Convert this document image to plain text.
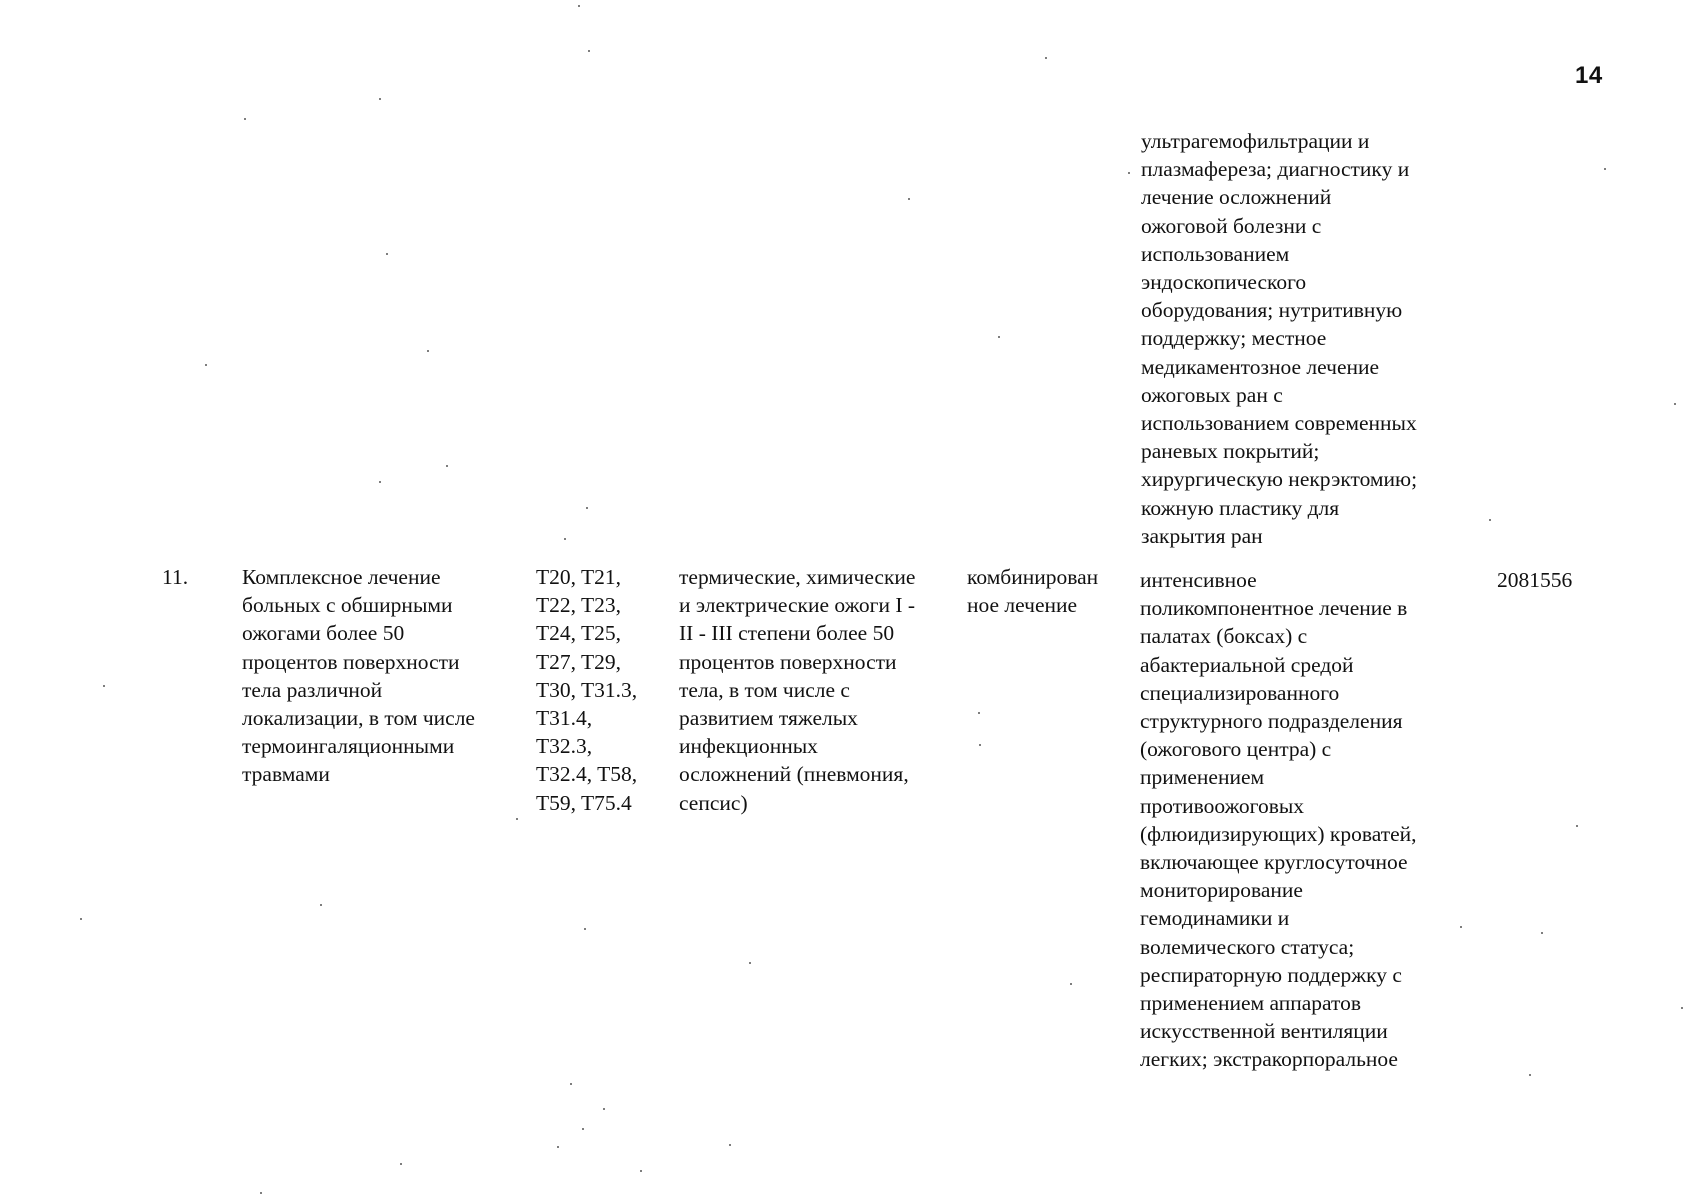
14
ультрагемофильтрации и
плазмафереза; диагностику и
лечение осложнений
ожоговой болезни с
использованием
эндоскопического
оборудования; нутритивную
поддержку; местное
медикаментозное лечение
ожоговых ран с
использованием современных
раневых покрытий;
хирургическую некрэктомию;
кожную пластику для
закрытия ран
11.	Комплексное лечение
больных с обширными
ожогами более 50
процентов поверхности
тела различной
локализации, в том числе
термоингаляционными
травмами
T20, T21,
T22, T23,
T24, T25,
T27, T29,
T30, T31.3,
T31.4,
T32.3,
T32.4, T58,
T59, T75.4
термические, химические
и электрические ожоги I -
II - III степени более 50
процентов поверхности
тела, в том числе с
развитием тяжелых
инфекционных
осложнений (пневмония,
сепсис)
комбинирован
ное лечение
интенсивное
поликомпонентное лечение в
палатах (боксах) с
абактериальной средой
специализированного
структурного подразделения
(ожогового центра) с
применением
противоожоговых
(флюидизирующих) кроватей,
включающее круглосуточное
мониторирование
гемодинамики и
волемического статуса;
респираторную поддержку с
применением аппаратов
искусственной вентиляции
легких; экстракорпоральное
2081556
